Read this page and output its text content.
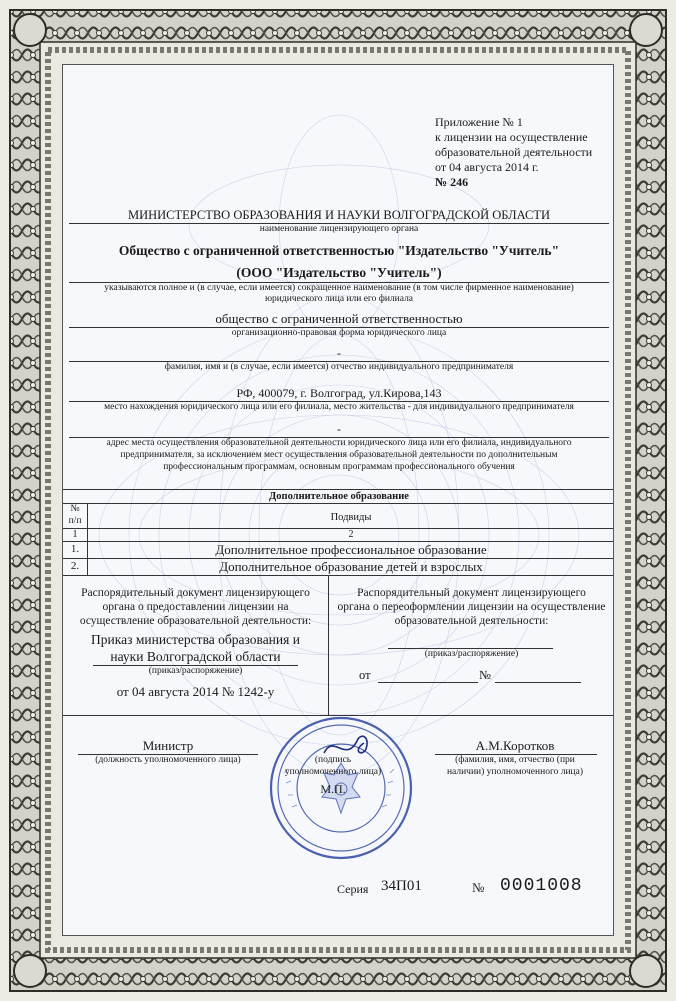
Приложение № 1
к лицензии на осуществление
образовательной деятельности
от 04 августа 2014 г.
№ 246
МИНИСТЕРСТВО ОБРАЗОВАНИЯ И НАУКИ ВОЛГОГРАДСКОЙ ОБЛАСТИ
наименование лицензирующего органа
Общество с ограниченной ответственностью "Издательство "Учитель"
(ООО "Издательство "Учитель")
указываются полное и (в случае, если имеется) сокращенное наименование (в том числе фирменное наименование)
юридического лица или его филиала
общество с ограниченной ответственностью
организационно-правовая форма юридического лица
-
фамилия, имя и (в случае, если имеется) отчество индивидуального предпринимателя
РФ, 400079, г. Волгоград, ул.Кирова,143
место нахождения юридического лица или его филиала, место жительства - для индивидуального предпринимателя
-
адрес места осуществления образовательной деятельности юридического лица или его филиала, индивидуального
предпринимателя, за исключением мест осуществления образовательной деятельности по дополнительным
профессиональным программам, основным программам профессионального обучения
Дополнительное образование
№
п/п	Подвиды
1	2
1.	Дополнительное профессиональное образование
2.	Дополнительное образование детей и взрослых
Распорядительный документ лицензирующего
органа о предоставлении лицензии на
осуществление образовательной деятельности:
Приказ министерства образования и
науки Волгоградской области
(приказ/распоряжение)
от 04 августа 2014 № 1242-у
Распорядительный документ лицензирующего
органа о переоформлении лицензии на осуществление
образовательной деятельности:
(приказ/распоряжение)
от	№
Министр
(должность уполномоченного лица)	(подпись
уполномоченного лица)
М.П.
А.М.Коротков
(фамилия, имя, отчество (при
наличии) уполномоченного лица)
Серия 34П01	№ 0001008
